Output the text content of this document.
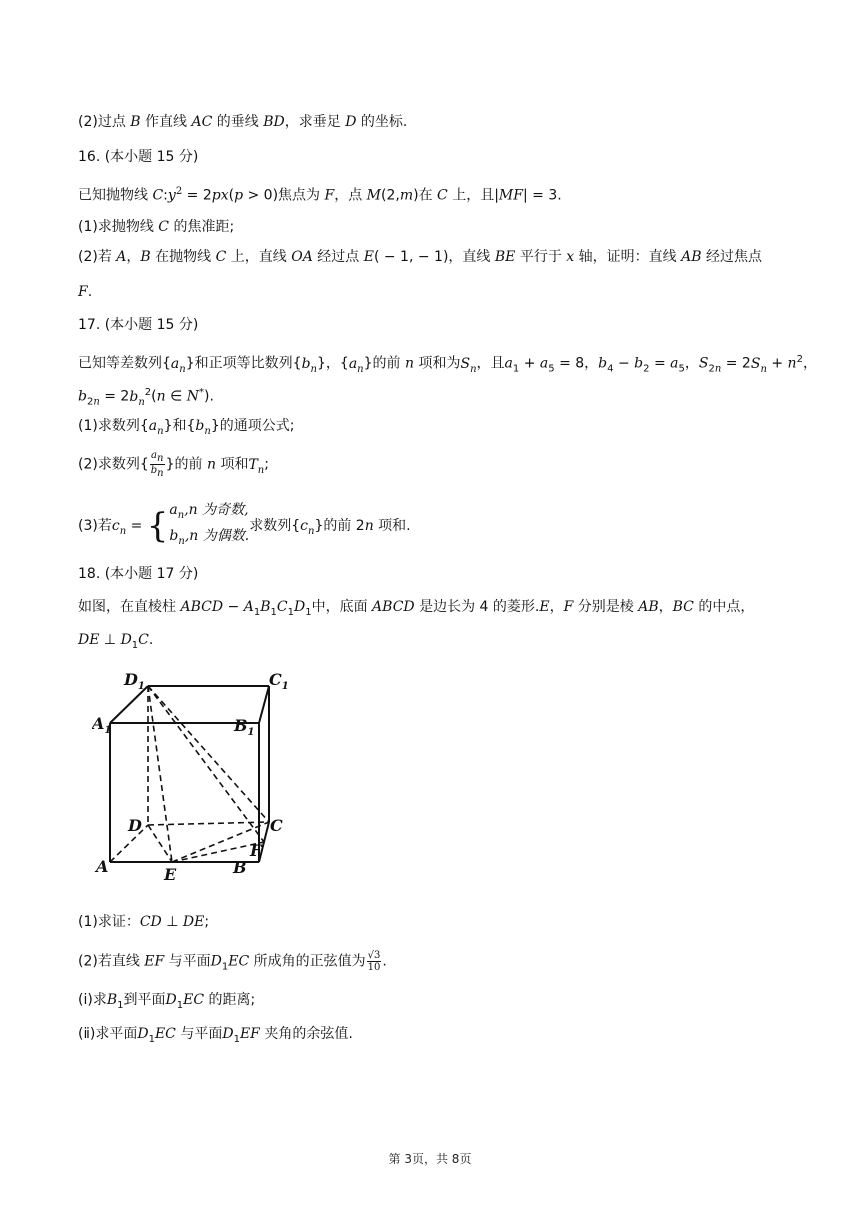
(2)过点 B 作直线 AC 的垂线 BD，求垂足 D 的坐标.
16. (本小题 15 分)
已知抛物线 $C:y^2 = 2px(p > 0)$焦点为 F，点 M(2,m)在 C 上，且|MF| = 3.
(1)求抛物线 C 的焦准距;
(2)若 A，B 在抛物线 C 上，直线 OA 经过点 E( − 1, − 1)，直线 BE 平行于 x 轴，证明：直线 AB 经过焦点
F.
17. (本小题 15 分)
已知等差数列$\{a_n\}$和正项等比数列$\{b_n\}$，$\{a_n\}$的前 n 项和为$S_n$，且$a_1 + a_5 = 8$，$b_4 - b_2 = a_5$，$S_{2n} = 2S_n + n^2$，
$b_{2n} = 2b_n^2(n$ ∈ N*).
(1)求数列$\{a_n\}$和$\{b_n\}$的通项公式;
(2)求数列{ $\frac{a_n}{b_n}$ }的前 n 项和$T_n$;
(3)若$c_n$ = { $a_n,n$ 为奇数,
$b_n,n$ 为偶数.
求数列$\{c_n\}$的前 2n 项和.
18. (本小题 17 分)
如图，在直棱柱 ABCD − $A_1B_1C_1D_1$中，底面 ABCD 是边长为 4 的菱形.E，F 分别是棱 AB，BC 的中点，
DE ⊥ $D_1C$.
$D_1$	$C_1$
$A_1$	$B_1$
D	C
A	E	B
F
(1)求证：CD ⊥ DE;
(2)若直线 EF 与平面$D_1EC$ 所成角的正弦值为 $\frac{√3}{10}$ .
(ⅰ)求$B_1$到平面$D_1EC$ 的距离;
(ⅱ)求平面$D_1EC$ 与平面$D_1EF$ 夹角的余弦值.
第 3页，共 8页
